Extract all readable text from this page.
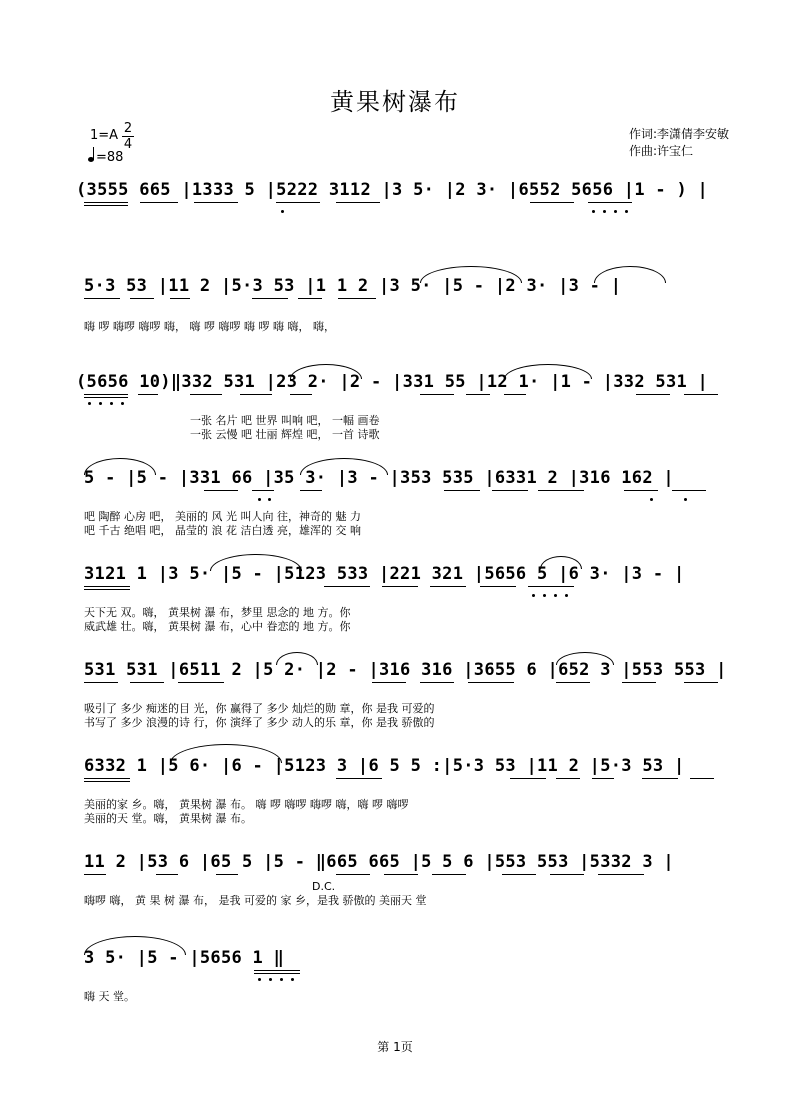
黄果树瀑布
1=A 2
4
=88
作词:李潇倩李安敏
作曲:许宝仁
(3555 665 |1333 5 |5222 3112 |3 5· |2 3· |6552 5656 |1 - ) |
5·3 53 |11 2 |5·3 53 |1 1 2 |3 5· |5 - |2 3· |3 - |
嗨 啰 嗨啰 嗨啰 嗨， 嗨 啰 嗨啰 嗨 啰 嗨 嗨， 嗨，
(5656 10)‖332 531 |23 2· |2 - |331 55 |12 1· |1 - |332 531 |
一张 名片 吧 世界 叫响 吧， 一幅 画卷
一张 云慢 吧 壮丽 辉煌 吧， 一首 诗歌
5 - |5 - |331 66 |35 3· |3 - |353 535 |6331 2 |316 162 |
吧 陶醉 心房 吧， 美丽的 风 光 叫人向 往，神奇的 魅 力
吧 千古 绝唱 吧， 晶莹的 浪 花 洁白透 亮，雄浑的 交 响
3121 1 |3 5· |5 - |5123 533 |221 321 |5656 5 |6 3· |3 - |
天下无 双。嗨， 黄果树 瀑 布，梦里 思念的 地 方。你
威武雄 壮。嗨， 黄果树 瀑 布，心中 眷恋的 地 方。你
531 531 |6511 2 |5 2· |2 - |316 316 |3655 6 |652 3 |553 553 |
吸引了 多少 痴迷的目 光，你 赢得了 多少 灿烂的勋 章，你 是我 可爱的
书写了 多少 浪漫的诗 行，你 演绎了 多少 动人的乐 章，你 是我 骄傲的
6332 1 |5 6· |6 - |5123 3 |6 5 5 :|5·3 53 |11 2 |5·3 53 |
美丽的家 乡。嗨， 黄果树 瀑 布。 嗨 啰 嗨啰 嗨啰 嗨，嗨 啰 嗨啰
美丽的天 堂。嗨， 黄果树 瀑 布。
11 2 |53 6 |65 5 |5 - ‖665 665 |5 5 6 |553 553 |5332 3 |
D.C.
嗨啰 嗨， 黄 果 树 瀑 布， 是我 可爱的 家 乡，是我 骄傲的 美丽天 堂
3 5· |5 - |5656 1 ‖
嗨 天 堂。
第 1页
